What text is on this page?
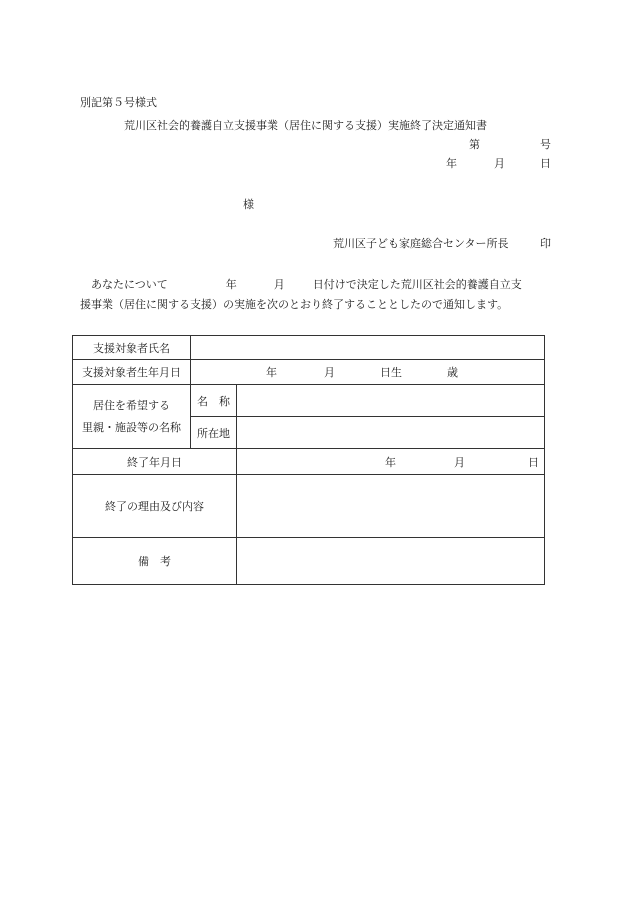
別記第５号様式
荒川区社会的養護自立支援事業（居住に関する支援）実施終了決定通知書
第	号
年	月	日
様
荒川区子ども家庭総合センター所長	印
あなたについて	年	月	日付けで決定した荒川区社会的養護自立支
援事業（居住に関する支援）の実施を次のとおり終了することとしたので通知します。
支援対象者氏名		
支援対象者生年月日	年 月 日生 歳	
居住を希望する
里親・施設等の名称	名　称	
	所在地	
終了年月日		年 月 日
終了の理由及び内容		
備　考		
